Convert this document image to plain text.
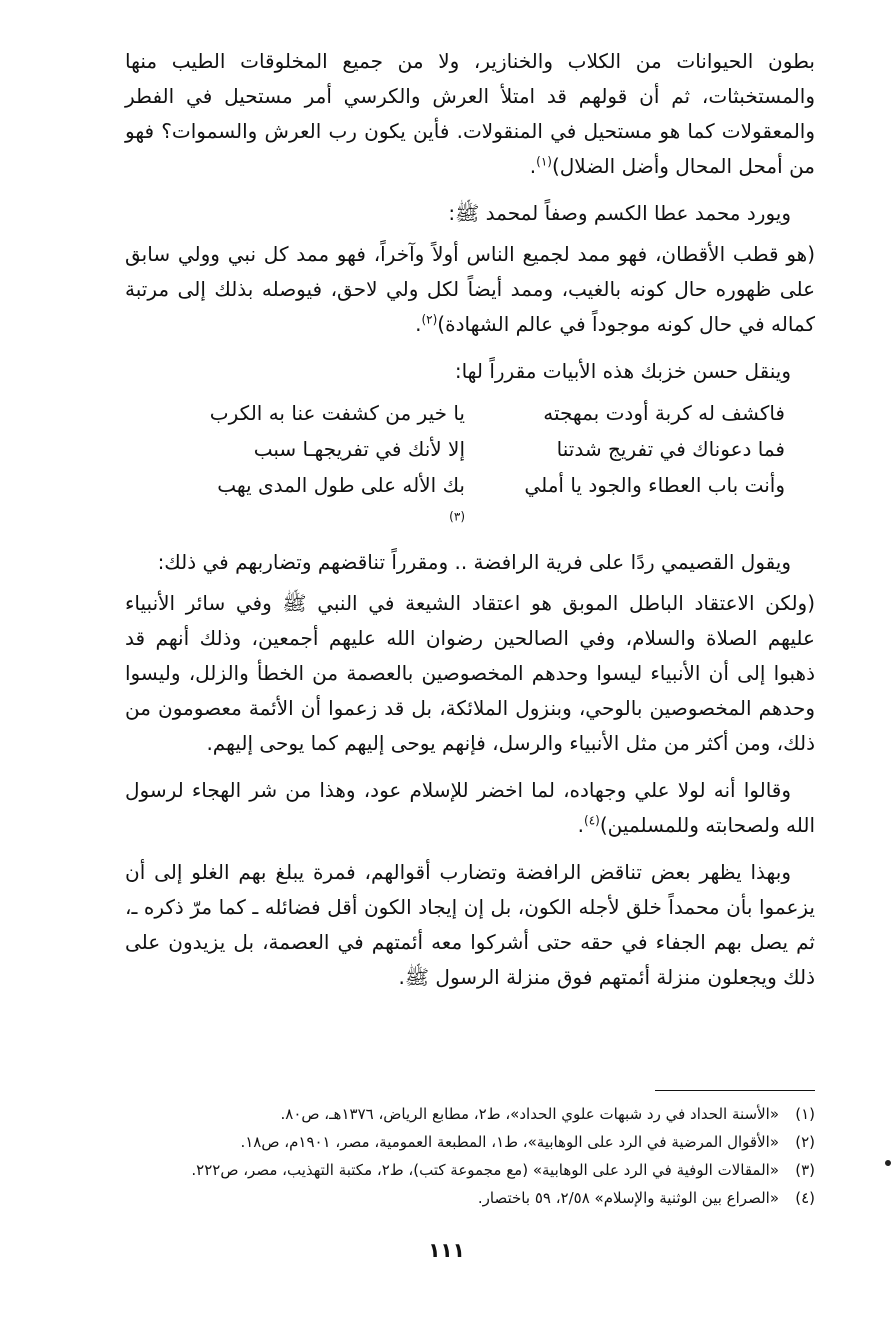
بطون الحيوانات من الكلاب والخنازير، ولا من جميع المخلوقات الطيب منها والمستخبثات، ثم أن قولهم قد امتلأ العرش والكرسي أمر مستحيل في الفطر والمعقولات كما هو مستحيل في المنقولات. فأين يكون رب العرش والسموات؟ فهو من أمحل المحال وأضل الضلال)$^{(١)}$.

ويورد محمد عطا الكسم وصفاً لمحمد ﷺ:

(هو قطب الأقطان، فهو ممد لجميع الناس أولاً وآخراً، فهو ممد كل نبي وولي سابق على ظهوره حال كونه بالغيب، وممد أيضاً لكل ولي لاحق، فيوصله بذلك إلى مرتبة كماله في حال كونه موجوداً في عالم الشهادة)$^{(٢)}$.

وينقل حسن خزبك هذه الأبيات مقرراً لها:

فاكشف له كربة أودت بمهجته
يا خير من كشفت عنا به الكرب
فما دعوناك في تفريج شدتنا
إلا لأنك في تفريجهـا سبب
وأنت باب العطاء والجود يا أملي
بك الأله على طول المدى يهب$^{(٣)}$

ويقول القصيمي ردًا على فرية الرافضة .. ومقرراً تناقضهم وتضاربهم في ذلك:

(ولكن الاعتقاد الباطل الموبق هو اعتقاد الشيعة في النبي ﷺ وفي سائر الأنبياء عليهم الصلاة والسلام، وفي الصالحين رضوان الله عليهم أجمعين، وذلك أنهم قد ذهبوا إلى أن الأنبياء ليسوا وحدهم المخصوصين بالعصمة من الخطأ والزلل، وليسوا وحدهم المخصوصين بالوحي، وبنزول الملائكة، بل قد زعموا أن الأئمة معصومون من ذلك، ومن أكثر من مثل الأنبياء والرسل، فإنهم يوحى إليهم كما يوحى إليهم.

وقالوا أنه لولا علي وجهاده، لما اخضر للإسلام عود، وهذا من شر الهجاء لرسول الله ولصحابته وللمسلمين)$^{(٤)}$.

وبهذا يظهر بعض تناقض الرافضة وتضارب أقوالهم، فمرة يبلغ بهم الغلو إلى أن يزعموا بأن محمداً خلق لأجله الكون، بل إن إيجاد الكون أقل فضائله ـ كما مرّ ذكره ـ، ثم يصل بهم الجفاء في حقه حتى أشركوا معه أئمتهم في العصمة، بل يزيدون على ذلك ويجعلون منزلة أئمتهم فوق منزلة الرسول ﷺ.

(١)
«الأسنة الحداد في رد شبهات علوي الحداد»، ط٢، مطابع الرياض، ١٣٧٦هـ، ص٨٠.
(٢)
«الأقوال المرضية في الرد على الوهابية»، ط١، المطبعة العمومية، مصر، ١٩٠١م، ص١٨.
(٣)
«المقالات الوفية في الرد على الوهابية» (مع مجموعة كتب)، ط٢، مكتبة التهذيب، مصر، ص٢٢٢.
(٤)
«الصراع بين الوثنية والإسلام» ٢/٥٨، ٥٩ باختصار.
١١١
